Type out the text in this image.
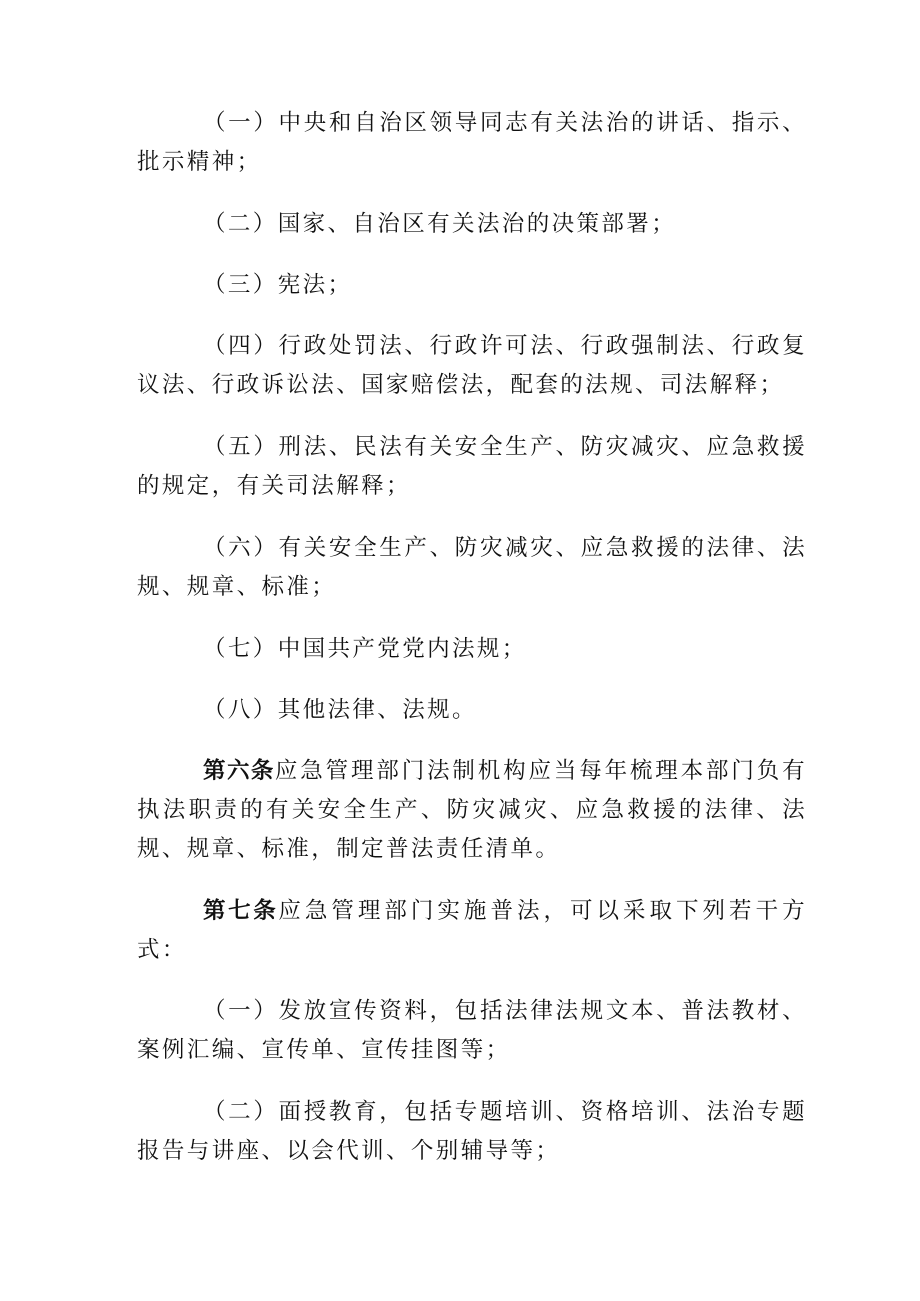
（一）中央和自治区领导同志有关法治的讲话、指示、批示精神；

（二）国家、自治区有关法治的决策部署；

（三）宪法；

（四）行政处罚法、行政许可法、行政强制法、行政复议法、行政诉讼法、国家赔偿法，配套的法规、司法解释；

（五）刑法、民法有关安全生产、防灾减灾、应急救援的规定，有关司法解释；

（六）有关安全生产、防灾减灾、应急救援的法律、法规、规章、标准；

（七）中国共产党党内法规；

（八）其他法律、法规。

第六条应急管理部门法制机构应当每年梳理本部门负有执法职责的有关安全生产、防灾减灾、应急救援的法律、法规、规章、标准，制定普法责任清单。

第七条应急管理部门实施普法，可以采取下列若干方式：

（一）发放宣传资料，包括法律法规文本、普法教材、案例汇编、宣传单、宣传挂图等；

（二）面授教育，包括专题培训、资格培训、法治专题报告与讲座、以会代训、个别辅导等；
